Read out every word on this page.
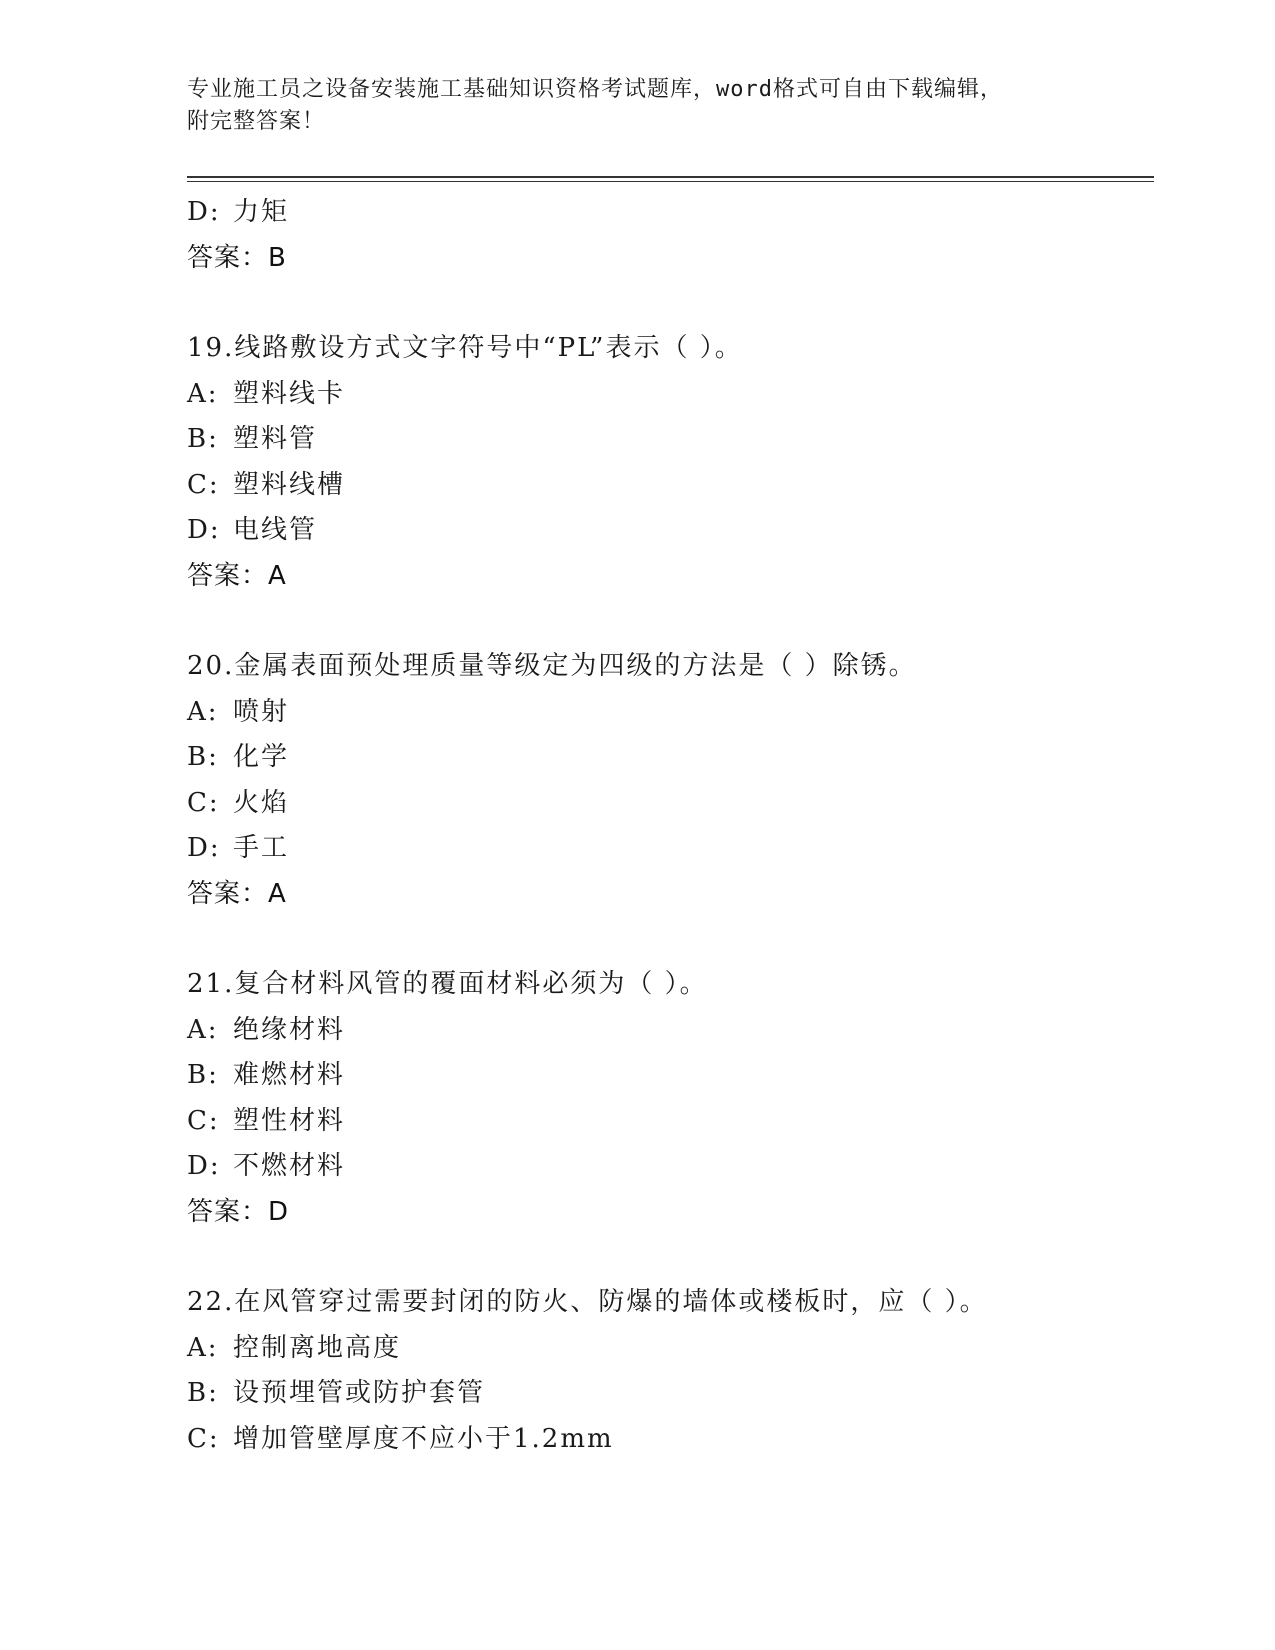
专业施工员之设备安装施工基础知识资格考试题库，word格式可自由下载编辑，
附完整答案！
D: 力矩
答案：B
19.线路敷设方式文字符号中“PL”表示（ ）。
A: 塑料线卡
B: 塑料管
C: 塑料线槽
D: 电线管
答案：A
20.金属表面预处理质量等级定为四级的方法是（ ）除锈。
A: 喷射
B: 化学
C: 火焰
D: 手工
答案：A
21.复合材料风管的覆面材料必须为（ ）。
A: 绝缘材料
B: 难燃材料
C: 塑性材料
D: 不燃材料
答案：D
22.在风管穿过需要封闭的防火、防爆的墙体或楼板时，应（ ）。
A: 控制离地高度
B: 设预埋管或防护套管
C: 增加管壁厚度不应小于1.2mm
